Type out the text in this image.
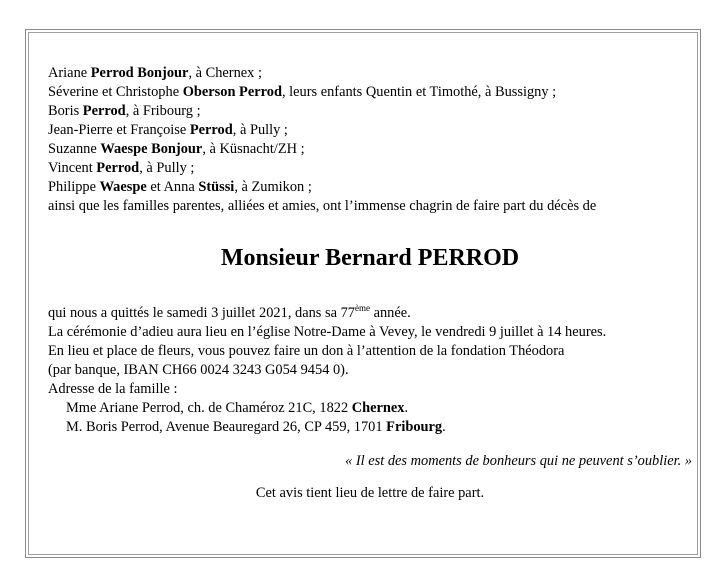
Ariane Perrod Bonjour, à Chernex ;
Séverine et Christophe Oberson Perrod, leurs enfants Quentin et Timothé, à Bussigny ;
Boris Perrod, à Fribourg ;
Jean-Pierre et Françoise Perrod, à Pully ;
Suzanne Waespe Bonjour, à Küsnacht/ZH ;
Vincent Perrod, à Pully ;
Philippe Waespe et Anna Stüssi, à Zumikon ;
ainsi que les familles parentes, alliées et amies, ont l’immense chagrin de faire part du décès de
Monsieur Bernard PERROD
qui nous a quittés le samedi 3 juillet 2021, dans sa 77ème année.
La cérémonie d’adieu aura lieu en l’église Notre-Dame à Vevey, le vendredi 9 juillet à 14 heures.
En lieu et place de fleurs, vous pouvez faire un don à l’attention de la fondation Théodora
(par banque, IBAN CH66 0024 3243 G054 9454 0).
Adresse de la famille :
Mme Ariane Perrod, ch. de Chaméroz 21C, 1822 Chernex.
M. Boris Perrod, Avenue Beauregard 26, CP 459, 1701 Fribourg.
« Il est des moments de bonheurs qui ne peuvent s’oublier. »
Cet avis tient lieu de lettre de faire part.
